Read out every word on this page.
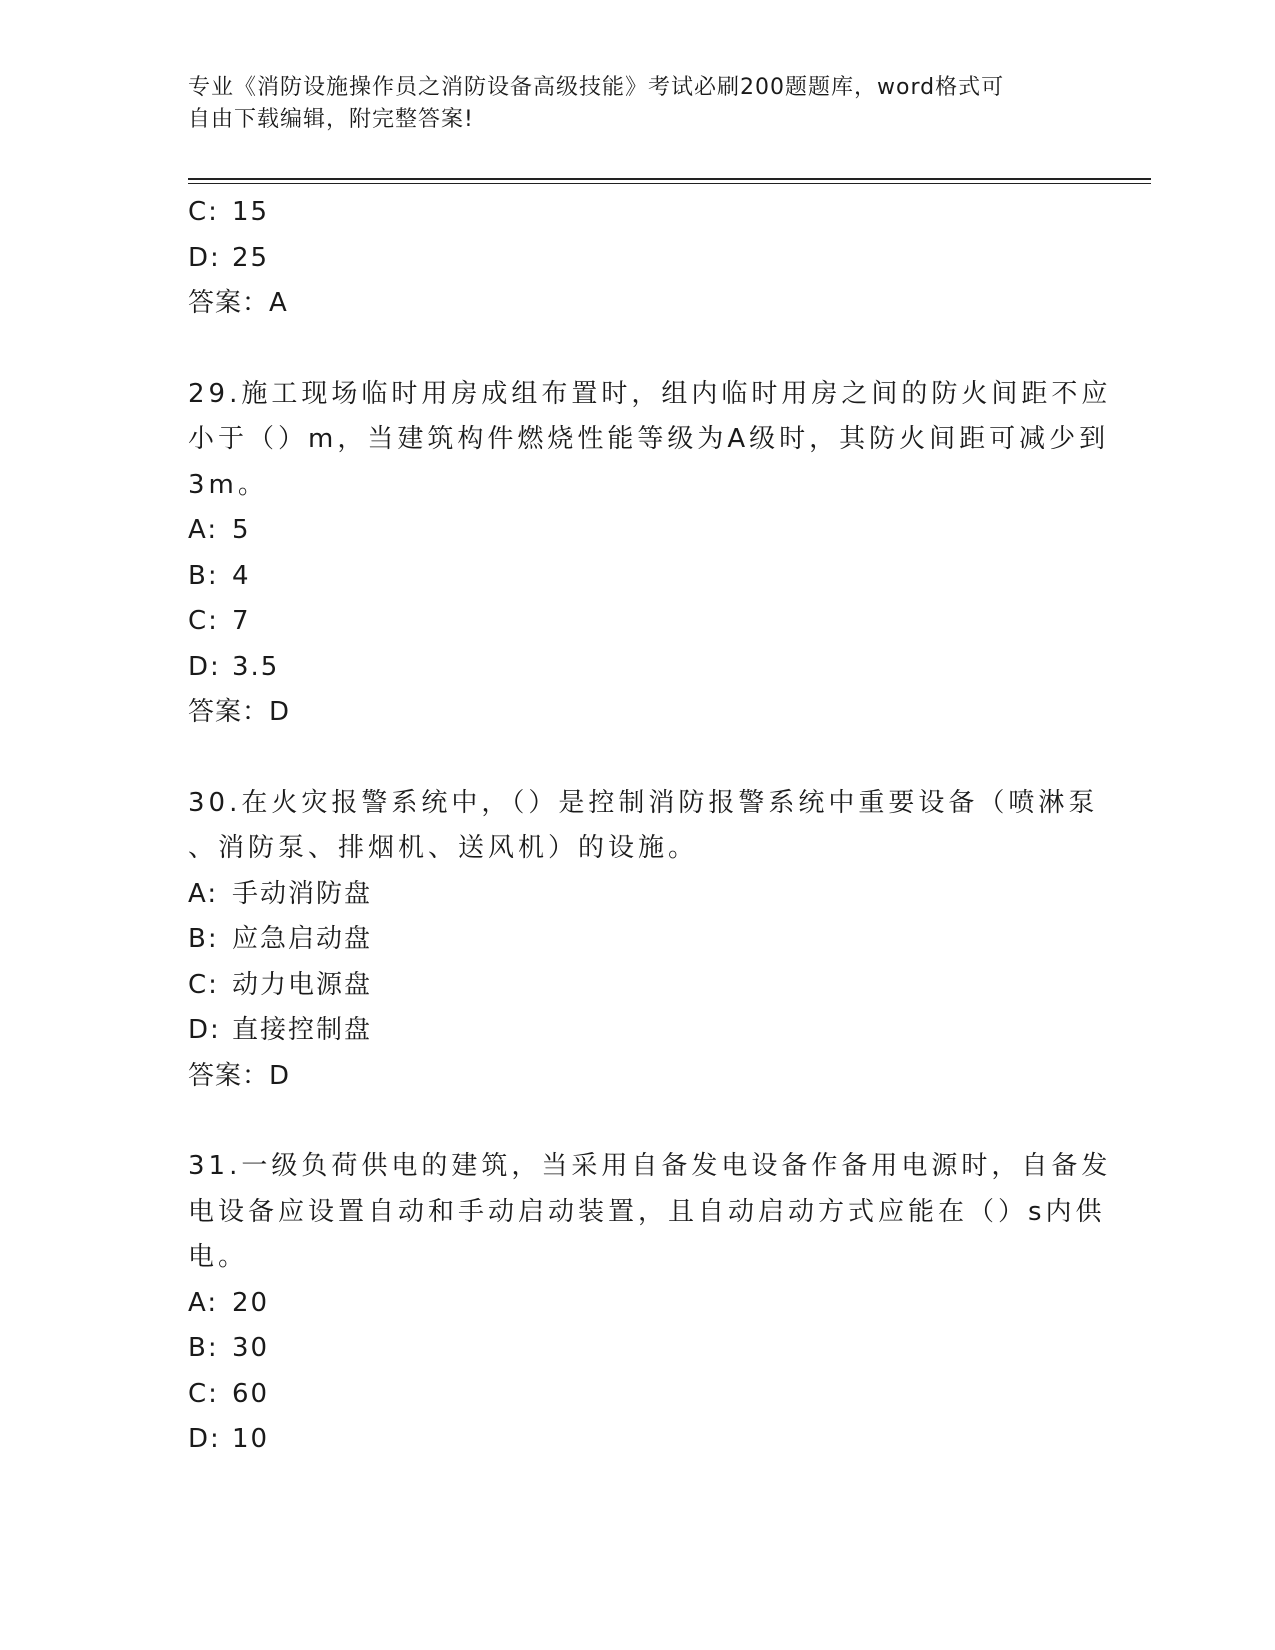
专业《消防设施操作员之消防设备高级技能》考试必刷200题题库，word格式可
自由下载编辑，附完整答案!
C: 15
D: 25
答案：A
29.施工现场临时用房成组布置时，组内临时用房之间的防火间距不应
小于（）m，当建筑构件燃烧性能等级为A级时，其防火间距可减少到
3m。
A: 5
B: 4
C: 7
D: 3.5
答案：D
30.在火灾报警系统中，（）是控制消防报警系统中重要设备（喷淋泵
、消防泵、排烟机、送风机）的设施。
A: 手动消防盘
B: 应急启动盘
C: 动力电源盘
D: 直接控制盘
答案：D
31.一级负荷供电的建筑，当采用自备发电设备作备用电源时，自备发
电设备应设置自动和手动启动装置，且自动启动方式应能在（）s内供
电。
A: 20
B: 30
C: 60
D: 10
